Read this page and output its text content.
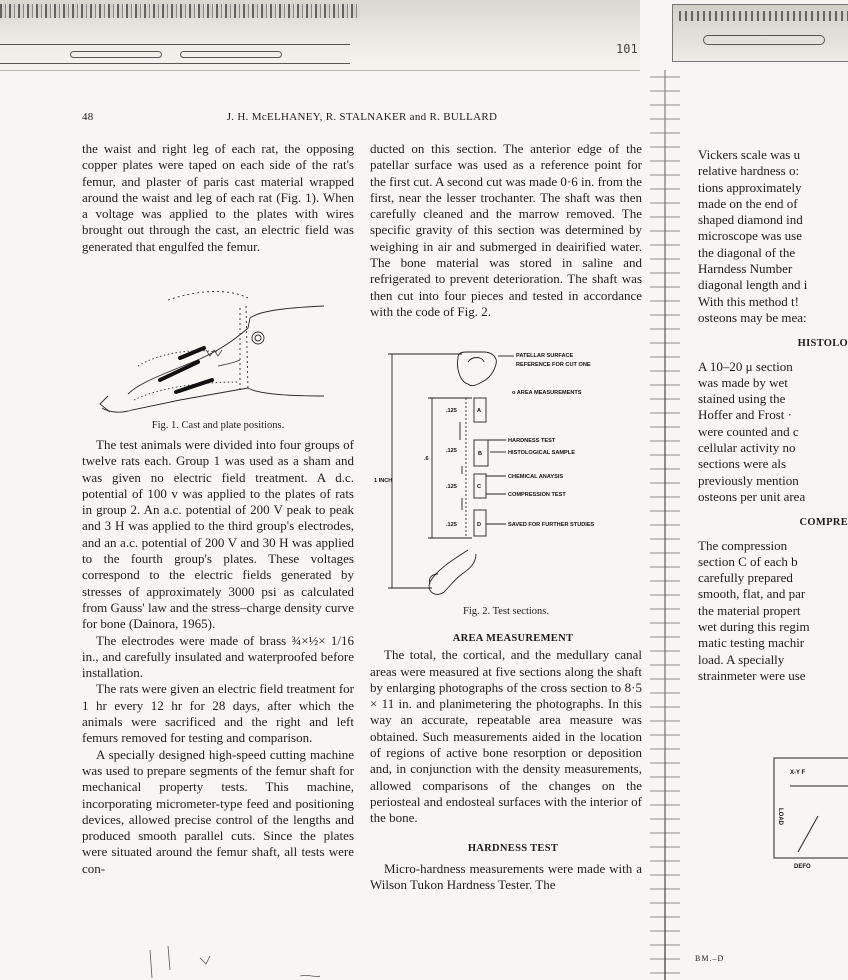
101
48	J. H. McELHANEY, R. STALNAKER and R. BULLARD

the waist and right leg of each rat, the opposing copper plates were taped on each side of the rat's femur, and plaster of paris cast material wrapped around the waist and leg of each rat (Fig. 1). When a voltage was applied to the plates with wires brought out through the cast, an electric field was generated that engulfed the femur.

Fig. 1. Cast and plate positions.

The test animals were divided into four groups of twelve rats each. Group 1 was used as a sham and was given no electric field treatment. A d.c. potential of 100 v was applied to the plates of rats in group 2. An a.c. potential of 200 V peak to peak and 3 H was applied to the third group's electrodes, and an a.c. potential of 200 V and 30 H was applied to the fourth group's plates. These voltages correspond to the electric fields generated by stresses of approximately 3000 psi as calculated from Gauss' law and the stress–charge density curve for bone (Dainora, 1965).

The electrodes were made of brass ¾×½× 1/16 in., and carefully insulated and waterproofed before installation.

The rats were given an electric field treatment for 1 hr every 12 hr for 28 days, after which the animals were sacrificed and the right and left femurs removed for testing and comparison.

A specially designed high-speed cutting machine was used to prepare segments of the femur shaft for mechanical property tests. This machine, incorporating micrometer-type feed and positioning devices, allowed precise control of the lengths and produced smooth parallel cuts. Since the plates were situated around the femur shaft, all tests were con-

ducted on this section. The anterior edge of the patellar surface was used as a reference point for the first cut. A second cut was made 0·6 in. from the first, near the lesser trochanter. The shaft was then carefully cleaned and the marrow removed. The specific gravity of this section was determined by weighing in air and submerged in deairified water. The bone material was stored in saline and refrigerated to prevent deterioration. The shaft was then cut into four pieces and tested in accordance with the code of Fig. 2.

PATELLAR SURFACE
REFERENCE FOR CUT ONE
o AREA MEASUREMENTS
HARDNESS TEST
HISTOLOGICAL SAMPLE
CHEMICAL ANAYSIS
COMPRESSION TEST
SAVED FOR FURTHER STUDIES
1 INCH
.6
.125
.125
.125
.125
A
B
C
D
Fig. 2. Test sections.

AREA MEASUREMENT

The total, the cortical, and the medullary canal areas were measured at five sections along the shaft by enlarging photographs of the cross section to 8·5 × 11 in. and planimetering the photographs. In this way an accurate, repeatable area measure was obtained. Such measurements aided in the location of regions of active bone resorption or deposition and, in conjunction with the density measurements, allowed comparisons of the changes on the periosteal and endosteal surfaces with the interior of the bone.

HARDNESS TEST

Micro-hardness measurements were made with a Wilson Tukon Hardness Tester. The

Vickers scale was u
relative hardness o:
tions approximately
made on the end of
shaped diamond ind
microscope was use
the diagonal of the
Harndess Number
diagonal length and i
With this method t!
osteons may be mea:
HISTOLO
A 10–20 μ section
was made by wet
stained using the
Hoffer and Frost ·
were counted and c
cellular activity no
sections were als
previously mention
osteons per unit area
COMPRE
The compression
section C of each b
carefully prepared
smooth, flat, and par
the material propert
wet during this regim
matic testing machir
load. A specially
strainmeter were use
X-Y F
LOAD
DEFO
BM.–D
